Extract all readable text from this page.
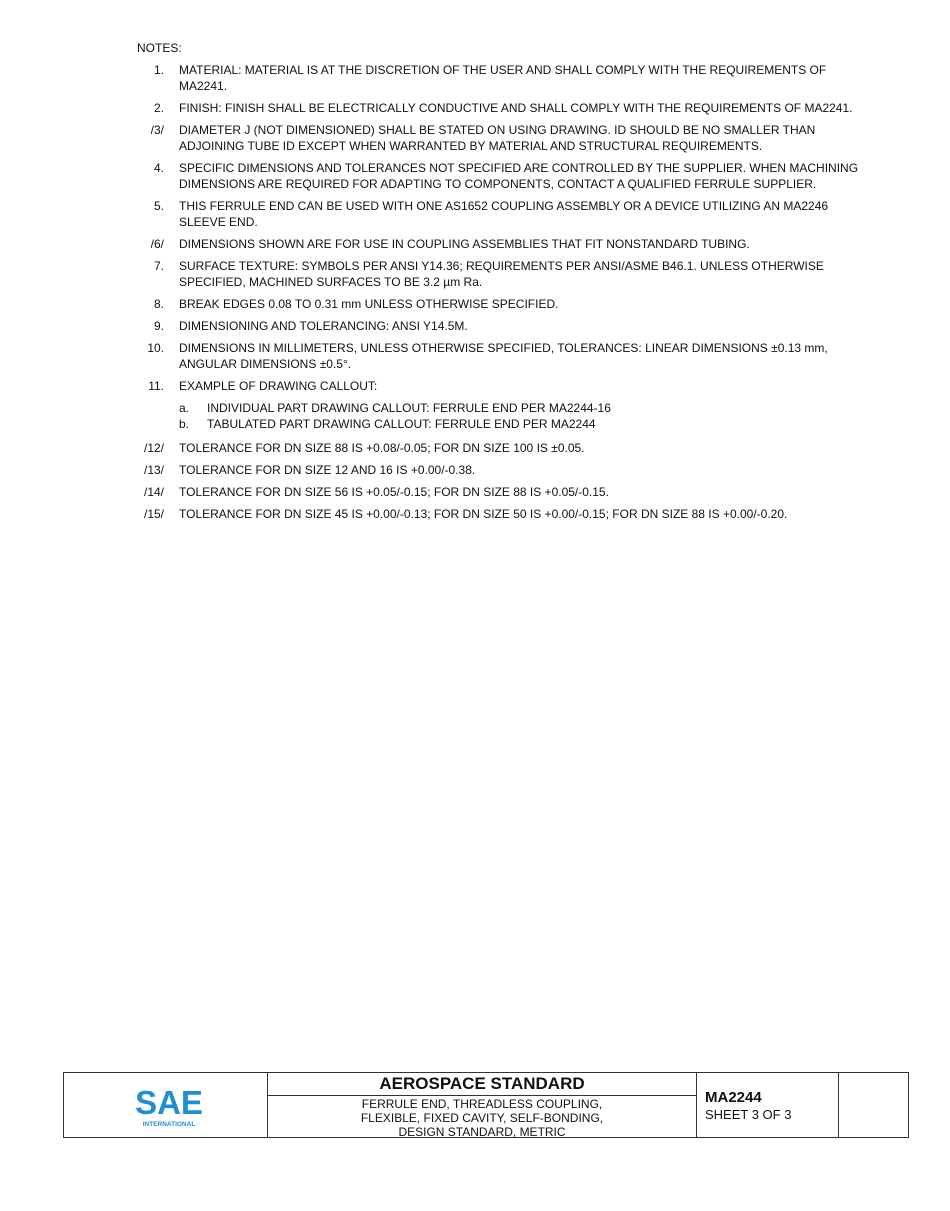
NOTES:
1. MATERIAL: MATERIAL IS AT THE DISCRETION OF THE USER AND SHALL COMPLY WITH THE REQUIREMENTS OF MA2241.
2. FINISH: FINISH SHALL BE ELECTRICALLY CONDUCTIVE AND SHALL COMPLY WITH THE REQUIREMENTS OF MA2241.
/3/ DIAMETER J (NOT DIMENSIONED) SHALL BE STATED ON USING DRAWING. ID SHOULD BE NO SMALLER THAN ADJOINING TUBE ID EXCEPT WHEN WARRANTED BY MATERIAL AND STRUCTURAL REQUIREMENTS.
4. SPECIFIC DIMENSIONS AND TOLERANCES NOT SPECIFIED ARE CONTROLLED BY THE SUPPLIER. WHEN MACHINING DIMENSIONS ARE REQUIRED FOR ADAPTING TO COMPONENTS, CONTACT A QUALIFIED FERRULE SUPPLIER.
5. THIS FERRULE END CAN BE USED WITH ONE AS1652 COUPLING ASSEMBLY OR A DEVICE UTILIZING AN MA2246 SLEEVE END.
/6/ DIMENSIONS SHOWN ARE FOR USE IN COUPLING ASSEMBLIES THAT FIT NONSTANDARD TUBING.
7. SURFACE TEXTURE: SYMBOLS PER ANSI Y14.36; REQUIREMENTS PER ANSI/ASME B46.1. UNLESS OTHERWISE SPECIFIED, MACHINED SURFACES TO BE 3.2 µm Ra.
8. BREAK EDGES 0.08 TO 0.31 mm UNLESS OTHERWISE SPECIFIED.
9. DIMENSIONING AND TOLERANCING: ANSI Y14.5M.
10. DIMENSIONS IN MILLIMETERS, UNLESS OTHERWISE SPECIFIED, TOLERANCES: LINEAR DIMENSIONS ±0.13 mm, ANGULAR DIMENSIONS ±0.5°.
11. EXAMPLE OF DRAWING CALLOUT:
a.	INDIVIDUAL PART DRAWING CALLOUT: FERRULE END PER MA2244-16
b.	TABULATED PART DRAWING CALLOUT: FERRULE END PER MA2244
/12/ TOLERANCE FOR DN SIZE 88 IS +0.08/-0.05; FOR DN SIZE 100 IS ±0.05.
/13/ TOLERANCE FOR DN SIZE 12 AND 16 IS +0.00/-0.38.
/14/ TOLERANCE FOR DN SIZE 56 IS +0.05/-0.15; FOR DN SIZE 88 IS +0.05/-0.15.
/15/ TOLERANCE FOR DN SIZE 45 IS +0.00/-0.13; FOR DN SIZE 50 IS +0.00/-0.15; FOR DN SIZE 88 IS +0.00/-0.20.
SAE
INTERNATIONAL
AEROSPACE STANDARD
FERRULE END, THREADLESS COUPLING,
FLEXIBLE, FIXED CAVITY, SELF-BONDING,
DESIGN STANDARD, METRIC
MA2244
SHEET 3 OF 3
